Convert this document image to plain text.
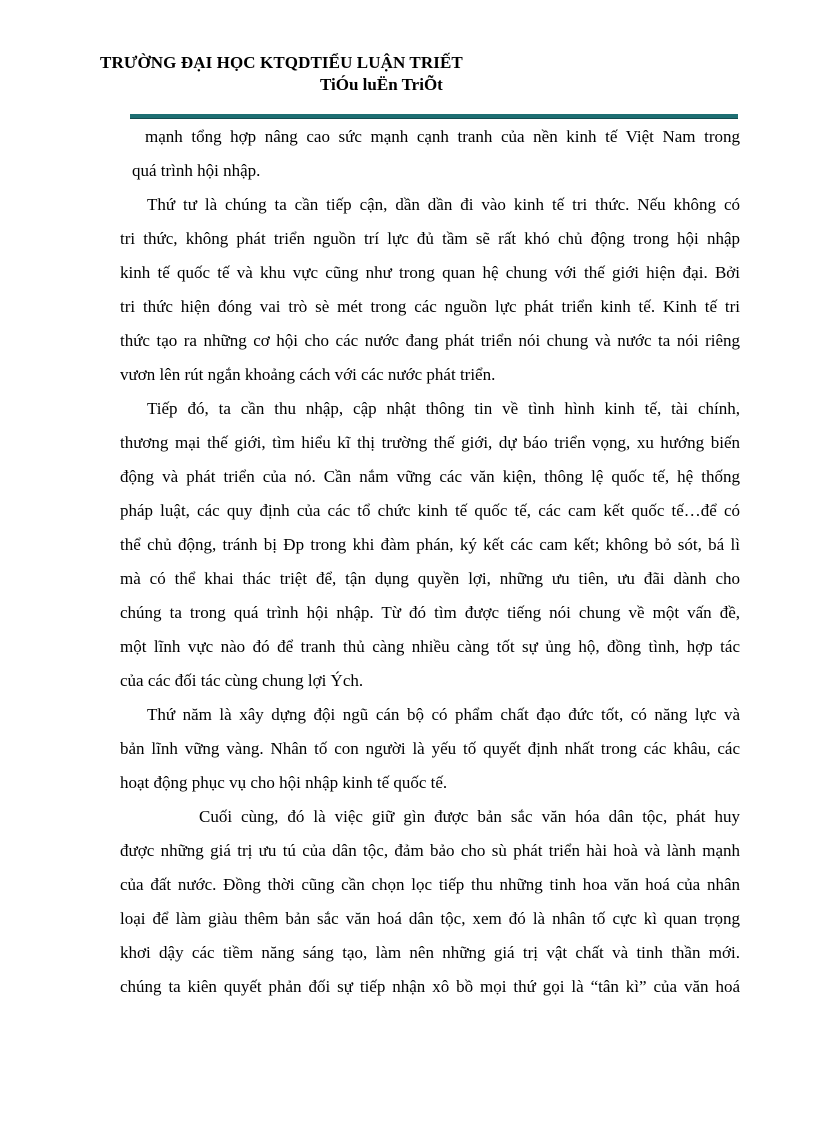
TRƯỜNG ĐẠI HỌC KTQDTIỂU LUẬN TRIẾT

TiÓu luËn TriÕt

mạnh tổng hợp nâng cao sức mạnh cạnh tranh của nền kinh tế Việt Nam trong
quá trình hội nhập.
Thứ tư là chúng ta cần tiếp cận, dần dần đi vào kinh tế tri thức. Nếu không có
tri thức, không phát triển nguồn trí lực đủ tầm sẽ rất khó chủ động trong hội nhập
kinh tế quốc tế và khu vực cũng như trong quan hệ chung với thế giới hiện đại. Bởi
tri thức hiện đóng vai trò sè mét trong các nguồn lực phát triển kinh tế. Kinh tế tri
thức tạo ra những cơ hội cho các nước đang phát triển nói chung và nước ta nói riêng
vươn lên rút ngắn khoảng cách với các nước phát triển.
Tiếp đó, ta cần thu nhập, cập nhật thông tin về tình hình kinh tế, tài chính,
thương mại thế giới, tìm hiểu kĩ thị trường thế giới, dự báo triển vọng, xu hướng biến
động và phát triển của nó. Cần nắm vững các văn kiện, thông lệ quốc tế, hệ thống
pháp luật, các quy định của các tổ chức kinh tế quốc tế, các cam kết quốc tế…để có
thể chủ động, tránh bị Ðp trong khi đàm phán, ký kết các cam kết; không bỏ sót, bá lì
mà có thể khai thác triệt để, tận dụng quyền lợi, những ưu tiên, ưu đãi dành cho
chúng ta trong quá trình hội nhập. Từ đó tìm được tiếng nói chung về một vấn đề,
một lĩnh vực nào đó để tranh thủ càng nhiều càng tốt sự ủng hộ, đồng tình, hợp tác
của các đối tác cùng chung lợi Ých.
Thứ năm là xây dựng đội ngũ cán bộ có phẩm chất đạo đức tốt, có năng lực và
bản lĩnh vững vàng. Nhân tố con người là yếu tố quyết định nhất trong các khâu, các
hoạt động phục vụ cho hội nhập kinh tế quốc tế.
Cuối cùng, đó là việc giữ gìn được bản sắc văn hóa dân tộc, phát huy
được những giá trị ưu tú của dân tộc, đảm bảo cho sù phát triển hài hoà và lành mạnh
của đất nước. Đồng thời cũng cần chọn lọc tiếp thu những tinh hoa văn hoá của nhân
loại để làm giàu thêm bản sắc văn hoá dân tộc, xem đó là nhân tố cực kì quan trọng
khơi dậy các tiềm năng sáng tạo, làm nên những giá trị vật chất và tinh thần mới.
chúng ta kiên quyết phản đối sự tiếp nhận xô bồ mọi thứ gọi là “tân kì” của văn hoá
